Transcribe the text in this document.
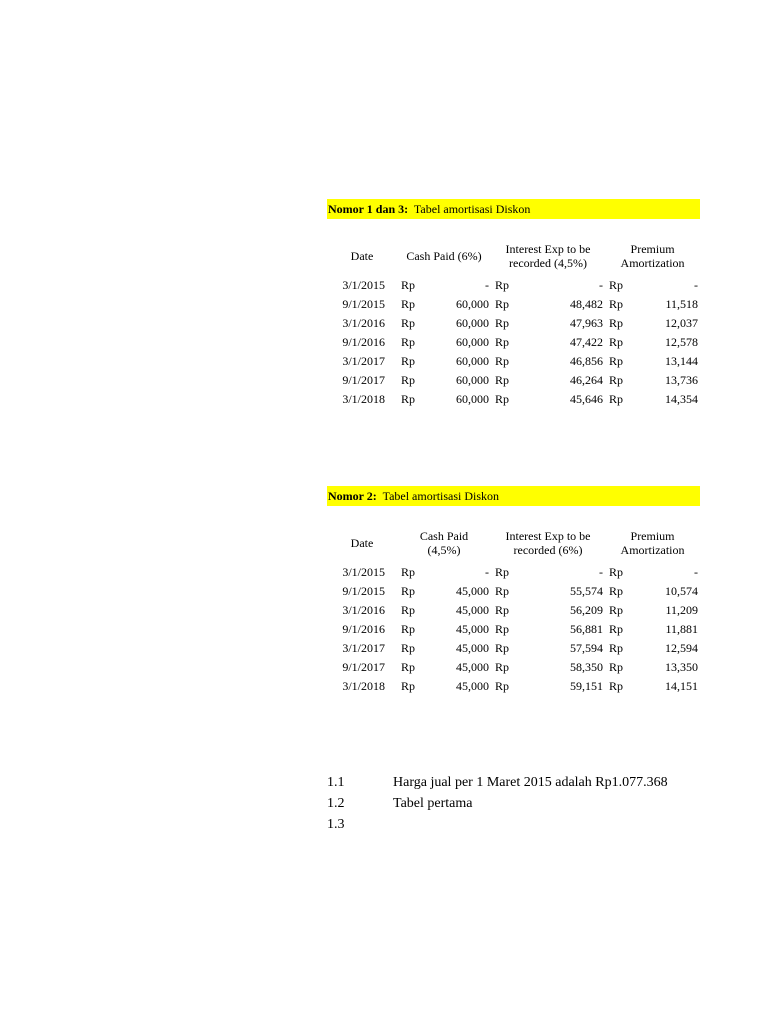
Nomor 1 dan 3: Tabel amortisasi Diskon
Date	Cash Paid (6%)		Interest Exp to be
recorded (4,5%)		Premium
Amortization	
3/1/2015	Rp	-	Rp	-	Rp	-
9/1/2015	Rp	60,000	Rp	48,482	Rp	11,518
3/1/2016	Rp	60,000	Rp	47,963	Rp	12,037
9/1/2016	Rp	60,000	Rp	47,422	Rp	12,578
3/1/2017	Rp	60,000	Rp	46,856	Rp	13,144
9/1/2017	Rp	60,000	Rp	46,264	Rp	13,736
3/1/2018	Rp	60,000	Rp	45,646	Rp	14,354
Nomor 2: Tabel amortisasi Diskon
Date	Cash Paid
(4,5%)		Interest Exp to be
recorded (6%)		Premium
Amortization	
3/1/2015	Rp	-	Rp	-	Rp	-
9/1/2015	Rp	45,000	Rp	55,574	Rp	10,574
3/1/2016	Rp	45,000	Rp	56,209	Rp	11,209
9/1/2016	Rp	45,000	Rp	56,881	Rp	11,881
3/1/2017	Rp	45,000	Rp	57,594	Rp	12,594
9/1/2017	Rp	45,000	Rp	58,350	Rp	13,350
3/1/2018	Rp	45,000	Rp	59,151	Rp	14,151
1.1	Harga jual per 1 Maret 2015 adalah Rp1.077.368
1.2	Tabel pertama
1.3
